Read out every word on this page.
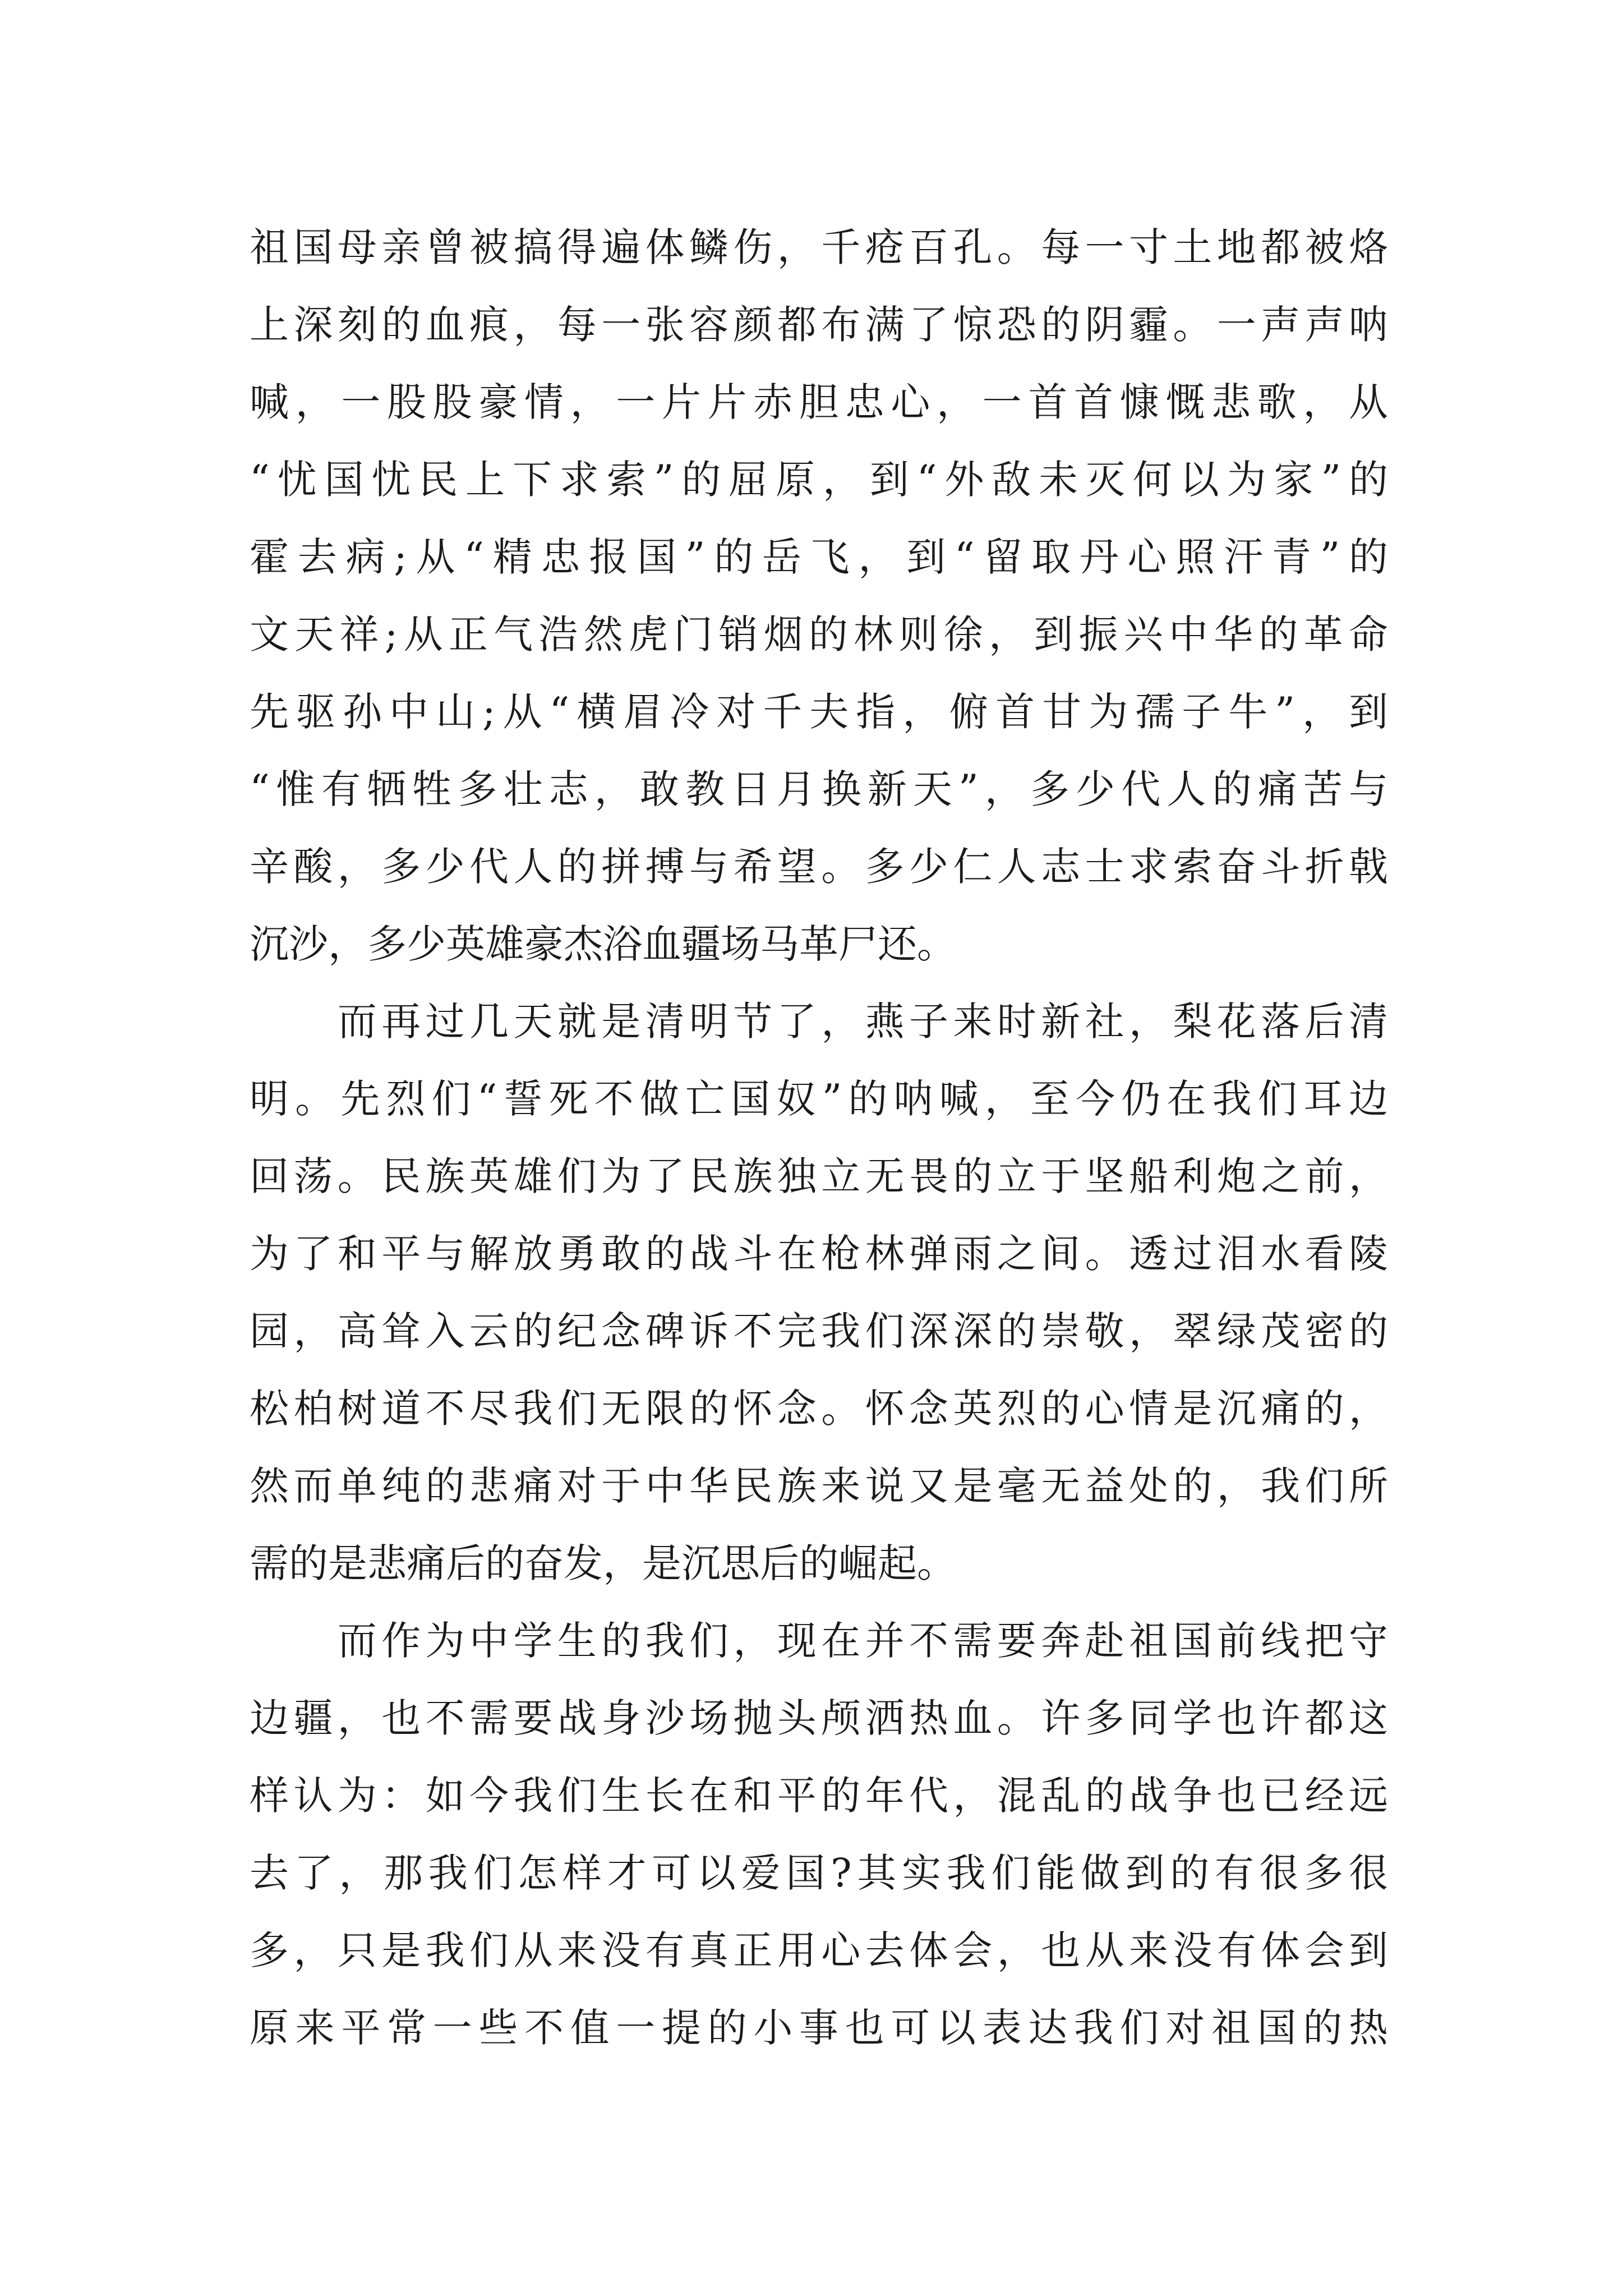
祖国母亲曾被搞得遍体鳞伤，千疮百孔。每一寸土地都被烙
上深刻的血痕，每一张容颜都布满了惊恐的阴霾。一声声呐
喊，一股股豪情，一片片赤胆忠心，一首首慷慨悲歌，从
“忧国忧民上下求索”的屈原，到“外敌未灭何以为家”的
霍去病;从“精忠报国”的岳飞，到“留取丹心照汗青”的
文天祥;从正气浩然虎门销烟的林则徐，到振兴中华的革命
先驱孙中山;从“横眉冷对千夫指，俯首甘为孺子牛”，到
“惟有牺牲多壮志，敢教日月换新天”，多少代人的痛苦与
辛酸，多少代人的拼搏与希望。多少仁人志士求索奋斗折戟
沉沙，多少英雄豪杰浴血疆场马革尸还。
　　而再过几天就是清明节了，燕子来时新社，梨花落后清
明。先烈们“誓死不做亡国奴”的呐喊，至今仍在我们耳边
回荡。民族英雄们为了民族独立无畏的立于坚船利炮之前，
为了和平与解放勇敢的战斗在枪林弹雨之间。透过泪水看陵
园，高耸入云的纪念碑诉不完我们深深的崇敬，翠绿茂密的
松柏树道不尽我们无限的怀念。怀念英烈的心情是沉痛的，
然而单纯的悲痛对于中华民族来说又是毫无益处的，我们所
需的是悲痛后的奋发，是沉思后的崛起。
　　而作为中学生的我们，现在并不需要奔赴祖国前线把守
边疆，也不需要战身沙场抛头颅洒热血。许多同学也许都这
样认为：如今我们生长在和平的年代，混乱的战争也已经远
去了，那我们怎样才可以爱国?其实我们能做到的有很多很
多，只是我们从来没有真正用心去体会，也从来没有体会到
原来平常一些不值一提的小事也可以表达我们对祖国的热
